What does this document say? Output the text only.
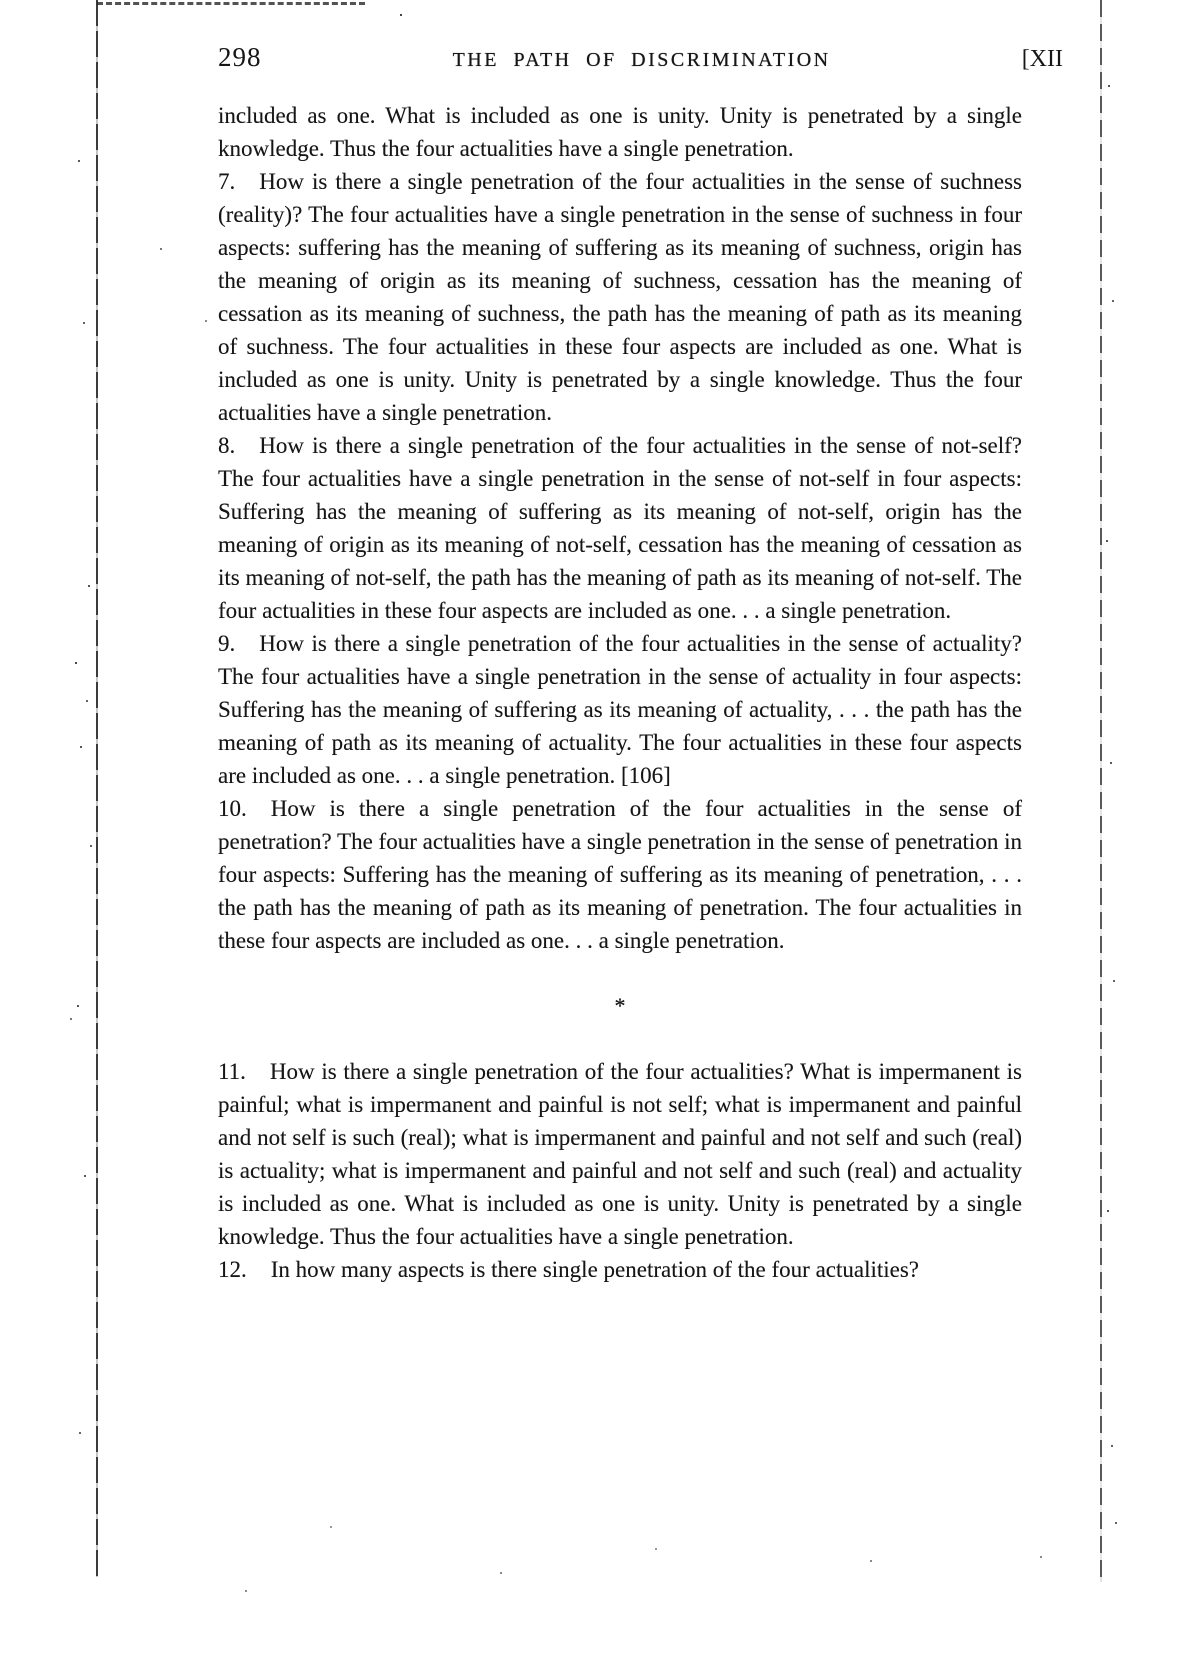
298	THE PATH OF DISCRIMINATION	[XII

included as one. What is included as one is unity. Unity is penetrated by a single knowledge. Thus the four actualities have a single penetration.

7. How is there a single penetration of the four actualities in the sense of suchness (reality)? The four actualities have a single penetration in the sense of suchness in four aspects: suffering has the meaning of suffering as its meaning of suchness, origin has the meaning of origin as its meaning of suchness, cessation has the meaning of cessation as its meaning of suchness, the path has the meaning of path as its meaning of suchness. The four actualities in these four aspects are included as one. What is included as one is unity. Unity is penetrated by a single knowledge. Thus the four actualities have a single penetration.

8. How is there a single penetration of the four actualities in the sense of not-self? The four actualities have a single penetration in the sense of not-self in four aspects: Suffering has the meaning of suffering as its meaning of not-self, origin has the meaning of origin as its meaning of not-self, cessation has the meaning of cessation as its meaning of not-self, the path has the meaning of path as its meaning of not-self. The four actualities in these four aspects are included as one. . . a single penetration.

9. How is there a single penetration of the four actualities in the sense of actuality? The four actualities have a single penetration in the sense of actuality in four aspects: Suffering has the meaning of suffering as its meaning of actuality, . . . the path has the meaning of path as its meaning of actuality. The four actualities in these four aspects are included as one. . . a single penetration. [106]

10. How is there a single penetration of the four actualities in the sense of penetration? The four actualities have a single penetration in the sense of penetration in four aspects: Suffering has the meaning of suffering as its meaning of penetration, . . . the path has the meaning of path as its meaning of penetration. The four actualities in these four aspects are included as one. . . a single penetration.

*

11. How is there a single penetration of the four actualities? What is impermanent is painful; what is impermanent and painful is not self; what is impermanent and painful and not self is such (real); what is impermanent and painful and not self and such (real) is actuality; what is impermanent and painful and not self and such (real) and actuality is included as one. What is included as one is unity. Unity is penetrated by a single knowledge. Thus the four actualities have a single penetration.

12. In how many aspects is there single penetration of the four actualities?
